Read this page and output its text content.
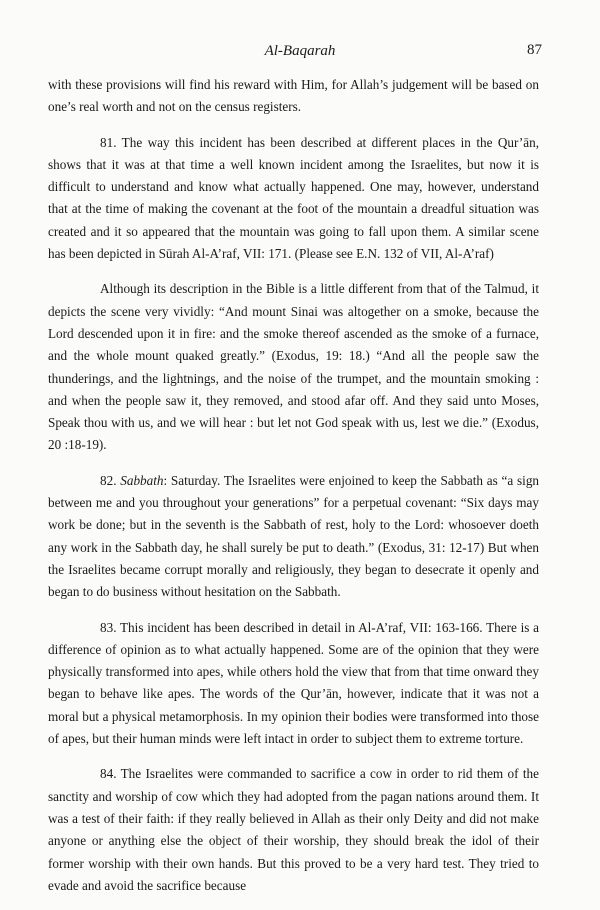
Al-Baqarah	87

with these provisions will find his reward with Him, for Allah’s judgement will be based on one’s real worth and not on the census registers.

81. The way this incident has been described at different places in the Qur’ān, shows that it was at that time a well known incident among the Israelites, but now it is difficult to understand and know what actually happened. One may, however, understand that at the time of making the covenant at the foot of the mountain a dreadful situation was created and it so appeared that the mountain was going to fall upon them. A similar scene has been depicted in Sūrah Al-A’raf, VII: 171. (Please see E.N. 132 of VII, Al-A’raf)

Although its description in the Bible is a little different from that of the Talmud, it depicts the scene very vividly: “And mount Sinai was altogether on a smoke, because the Lord descended upon it in fire: and the smoke thereof ascended as the smoke of a furnace, and the whole mount quaked greatly.” (Exodus, 19: 18.) “And all the people saw the thunderings, and the lightnings, and the noise of the trumpet, and the mountain smoking : and when the people saw it, they removed, and stood afar off. And they said unto Moses, Speak thou with us, and we will hear : but let not God speak with us, lest we die.” (Exodus, 20 :18-19).

82. Sabbath: Saturday. The Israelites were enjoined to keep the Sabbath as “a sign between me and you throughout your generations” for a perpetual covenant: “Six days may work be done; but in the seventh is the Sabbath of rest, holy to the Lord: whosoever doeth any work in the Sabbath day, he shall surely be put to death.” (Exodus, 31: 12-17) But when the Israelites became corrupt morally and religiously, they began to desecrate it openly and began to do business without hesitation on the Sabbath.

83. This incident has been described in detail in Al-A’raf, VII: 163-166. There is a difference of opinion as to what actually happened. Some are of the opinion that they were physically transformed into apes, while others hold the view that from that time onward they began to behave like apes. The words of the Qur’ān, however, indicate that it was not a moral but a physical metamorphosis. In my opinion their bodies were transformed into those of apes, but their human minds were left intact in order to subject them to extreme torture.

84. The Israelites were commanded to sacrifice a cow in order to rid them of the sanctity and worship of cow which they had adopted from the pagan nations around them. It was a test of their faith: if they really believed in Allah as their only Deity and did not make anyone or anything else the object of their worship, they should break the idol of their former worship with their own hands. But this proved to be a very hard test. They tried to evade and avoid the sacrifice because
